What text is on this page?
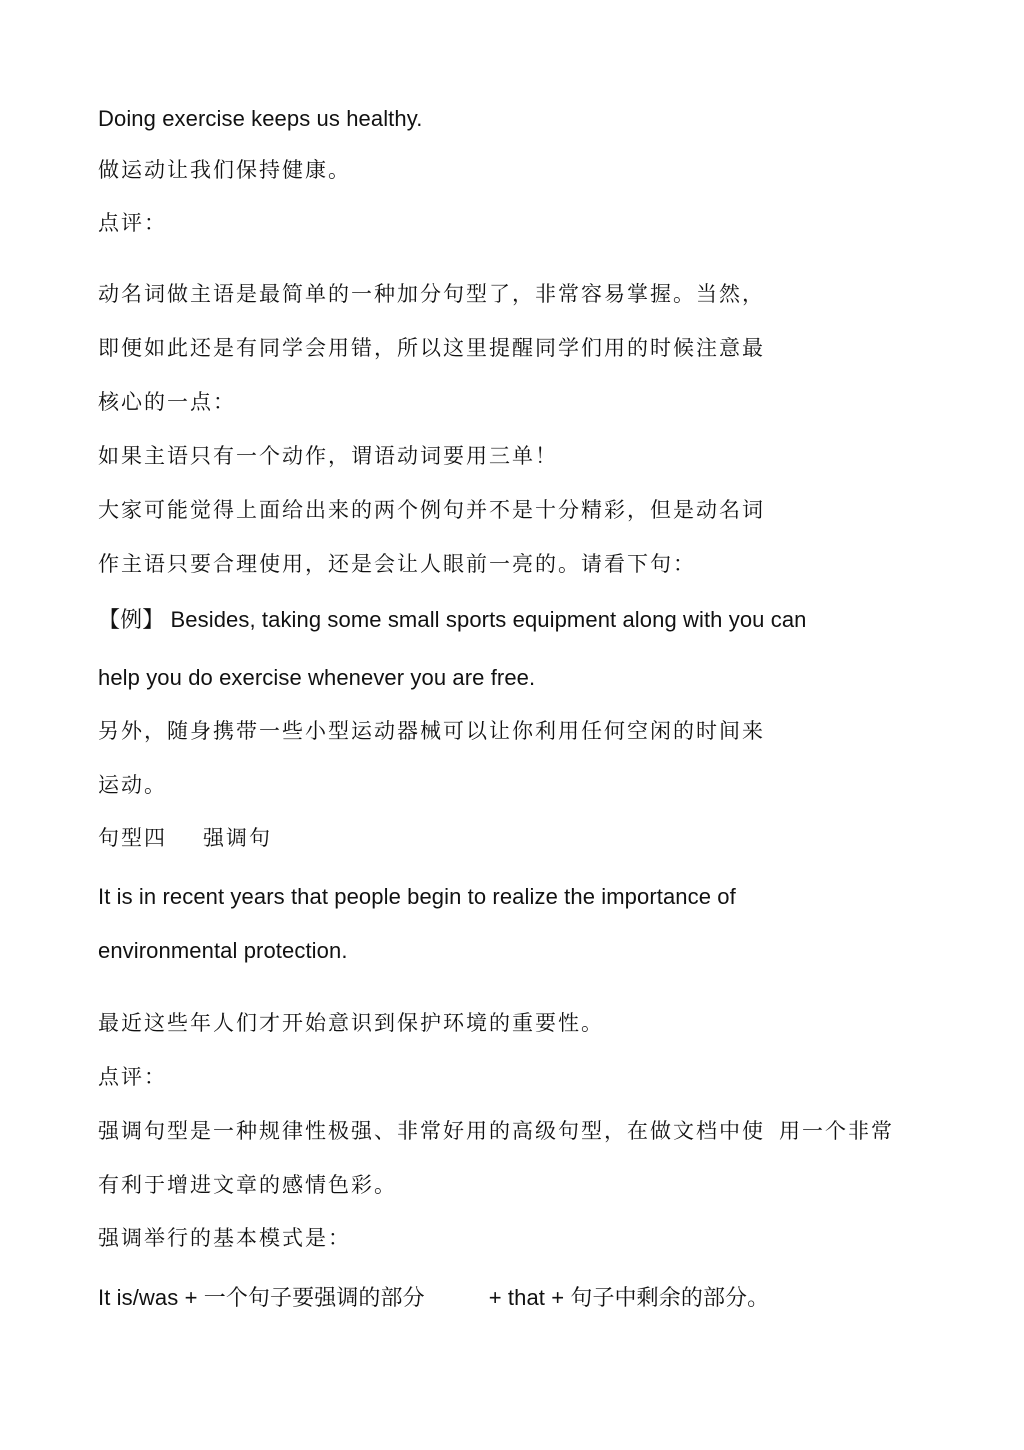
Doing exercise keeps us healthy.
做运动让我们保持健康。
点评：
动名词做主语是最简单的一种加分句型了，非常容易掌握。当然，
即便如此还是有同学会用错，所以这里提醒同学们用的时候注意最
核心的一点：
如果主语只有一个动作，谓语动词要用三单！
大家可能觉得上面给出来的两个例句并不是十分精彩，但是动名词
作主语只要合理使用，还是会让人眼前一亮的。请看下句：
【例】 Besides, taking some small sports equipment along with you can
help you do exercise whenever you are free.
另外，随身携带一些小型运动器械可以让你利用任何空闲的时间来
运动。
句型四 强调句
It is in recent years that people begin to realize the importance of
environmental protection.
最近这些年人们才开始意识到保护环境的重要性。
点评：
强调句型是一种规律性极强、非常好用的高级句型，在做文档中使 用一个非常
有利于增进文章的感情色彩。
强调举行的基本模式是：
It is/was + 一个句子要强调的部分	+ that + 句子中剩余的部分。
